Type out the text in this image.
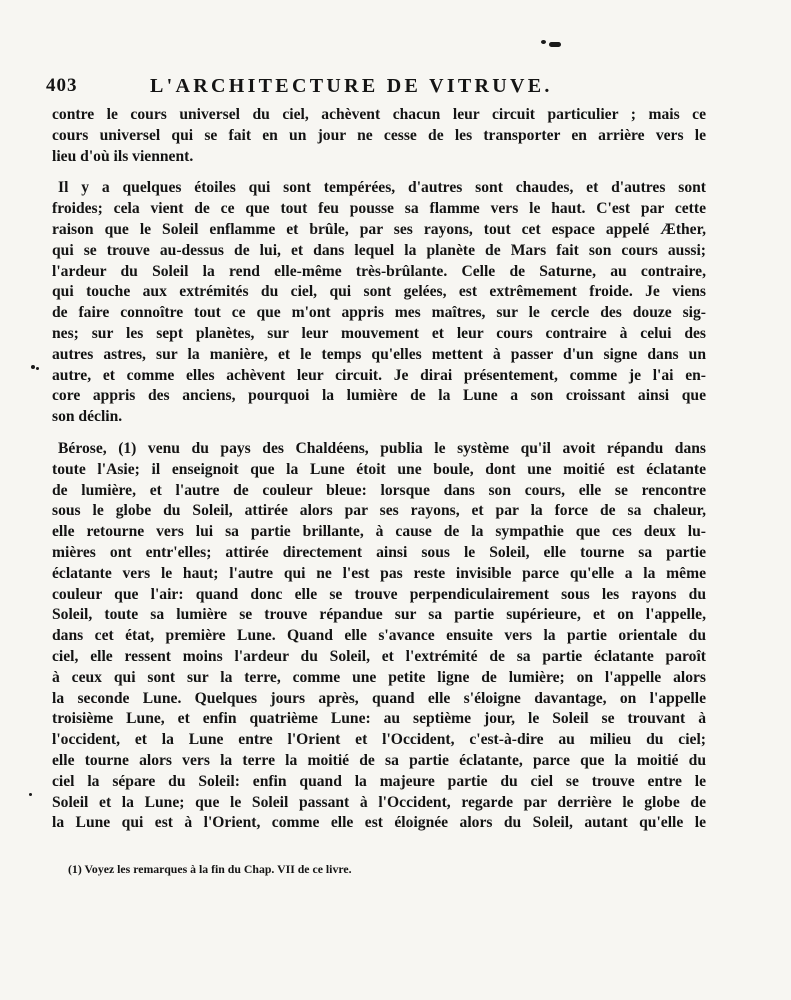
403	L'ARCHITECTURE DE VITRUVE.
contre le cours universel du ciel, achèvent chacun leur circuit particulier ; mais ce
cours universel qui se fait en un jour ne cesse de les transporter en arrière vers le
lieu d'où ils viennent.
Il y a quelques étoiles qui sont tempérées, d'autres sont chaudes, et d'autres sont
froides; cela vient de ce que tout feu pousse sa flamme vers le haut. C'est par cette
raison que le Soleil enflamme et brûle, par ses rayons, tout cet espace appelé Æther,
qui se trouve au-dessus de lui, et dans lequel la planète de Mars fait son cours aussi;
l'ardeur du Soleil la rend elle-même très-brûlante. Celle de Saturne, au contraire,
qui touche aux extrémités du ciel, qui sont gelées, est extrêmement froide. Je viens
de faire connoître tout ce que m'ont appris mes maîtres, sur le cercle des douze sig-
nes; sur les sept planètes, sur leur mouvement et leur cours contraire à celui des
autres astres, sur la manière, et le temps qu'elles mettent à passer d'un signe dans un
autre, et comme elles achèvent leur circuit. Je dirai présentement, comme je l'ai en-
core appris des anciens, pourquoi la lumière de la Lune a son croissant ainsi que
son déclin.
Bérose, (1) venu du pays des Chaldéens, publia le système qu'il avoit répandu dans
toute l'Asie; il enseignoit que la Lune étoit une boule, dont une moitié est éclatante
de lumière, et l'autre de couleur bleue: lorsque dans son cours, elle se rencontre
sous le globe du Soleil, attirée alors par ses rayons, et par la force de sa chaleur,
elle retourne vers lui sa partie brillante, à cause de la sympathie que ces deux lu-
mières ont entr'elles; attirée directement ainsi sous le Soleil, elle tourne sa partie
éclatante vers le haut; l'autre qui ne l'est pas reste invisible parce qu'elle a la même
couleur que l'air: quand donc elle se trouve perpendiculairement sous les rayons du
Soleil, toute sa lumière se trouve répandue sur sa partie supérieure, et on l'appelle,
dans cet état, première Lune. Quand elle s'avance ensuite vers la partie orientale du
ciel, elle ressent moins l'ardeur du Soleil, et l'extrémité de sa partie éclatante paroît
à ceux qui sont sur la terre, comme une petite ligne de lumière; on l'appelle alors
la seconde Lune. Quelques jours après, quand elle s'éloigne davantage, on l'appelle
troisième Lune, et enfin quatrième Lune: au septième jour, le Soleil se trouvant à
l'occident, et la Lune entre l'Orient et l'Occident, c'est-à-dire au milieu du ciel;
elle tourne alors vers la terre la moitié de sa partie éclatante, parce que la moitié du
ciel la sépare du Soleil: enfin quand la majeure partie du ciel se trouve entre le
Soleil et la Lune; que le Soleil passant à l'Occident, regarde par derrière le globe de
la Lune qui est à l'Orient, comme elle est éloignée alors du Soleil, autant qu'elle le
(1) Voyez les remarques à la fin du Chap. VII de ce livre.
